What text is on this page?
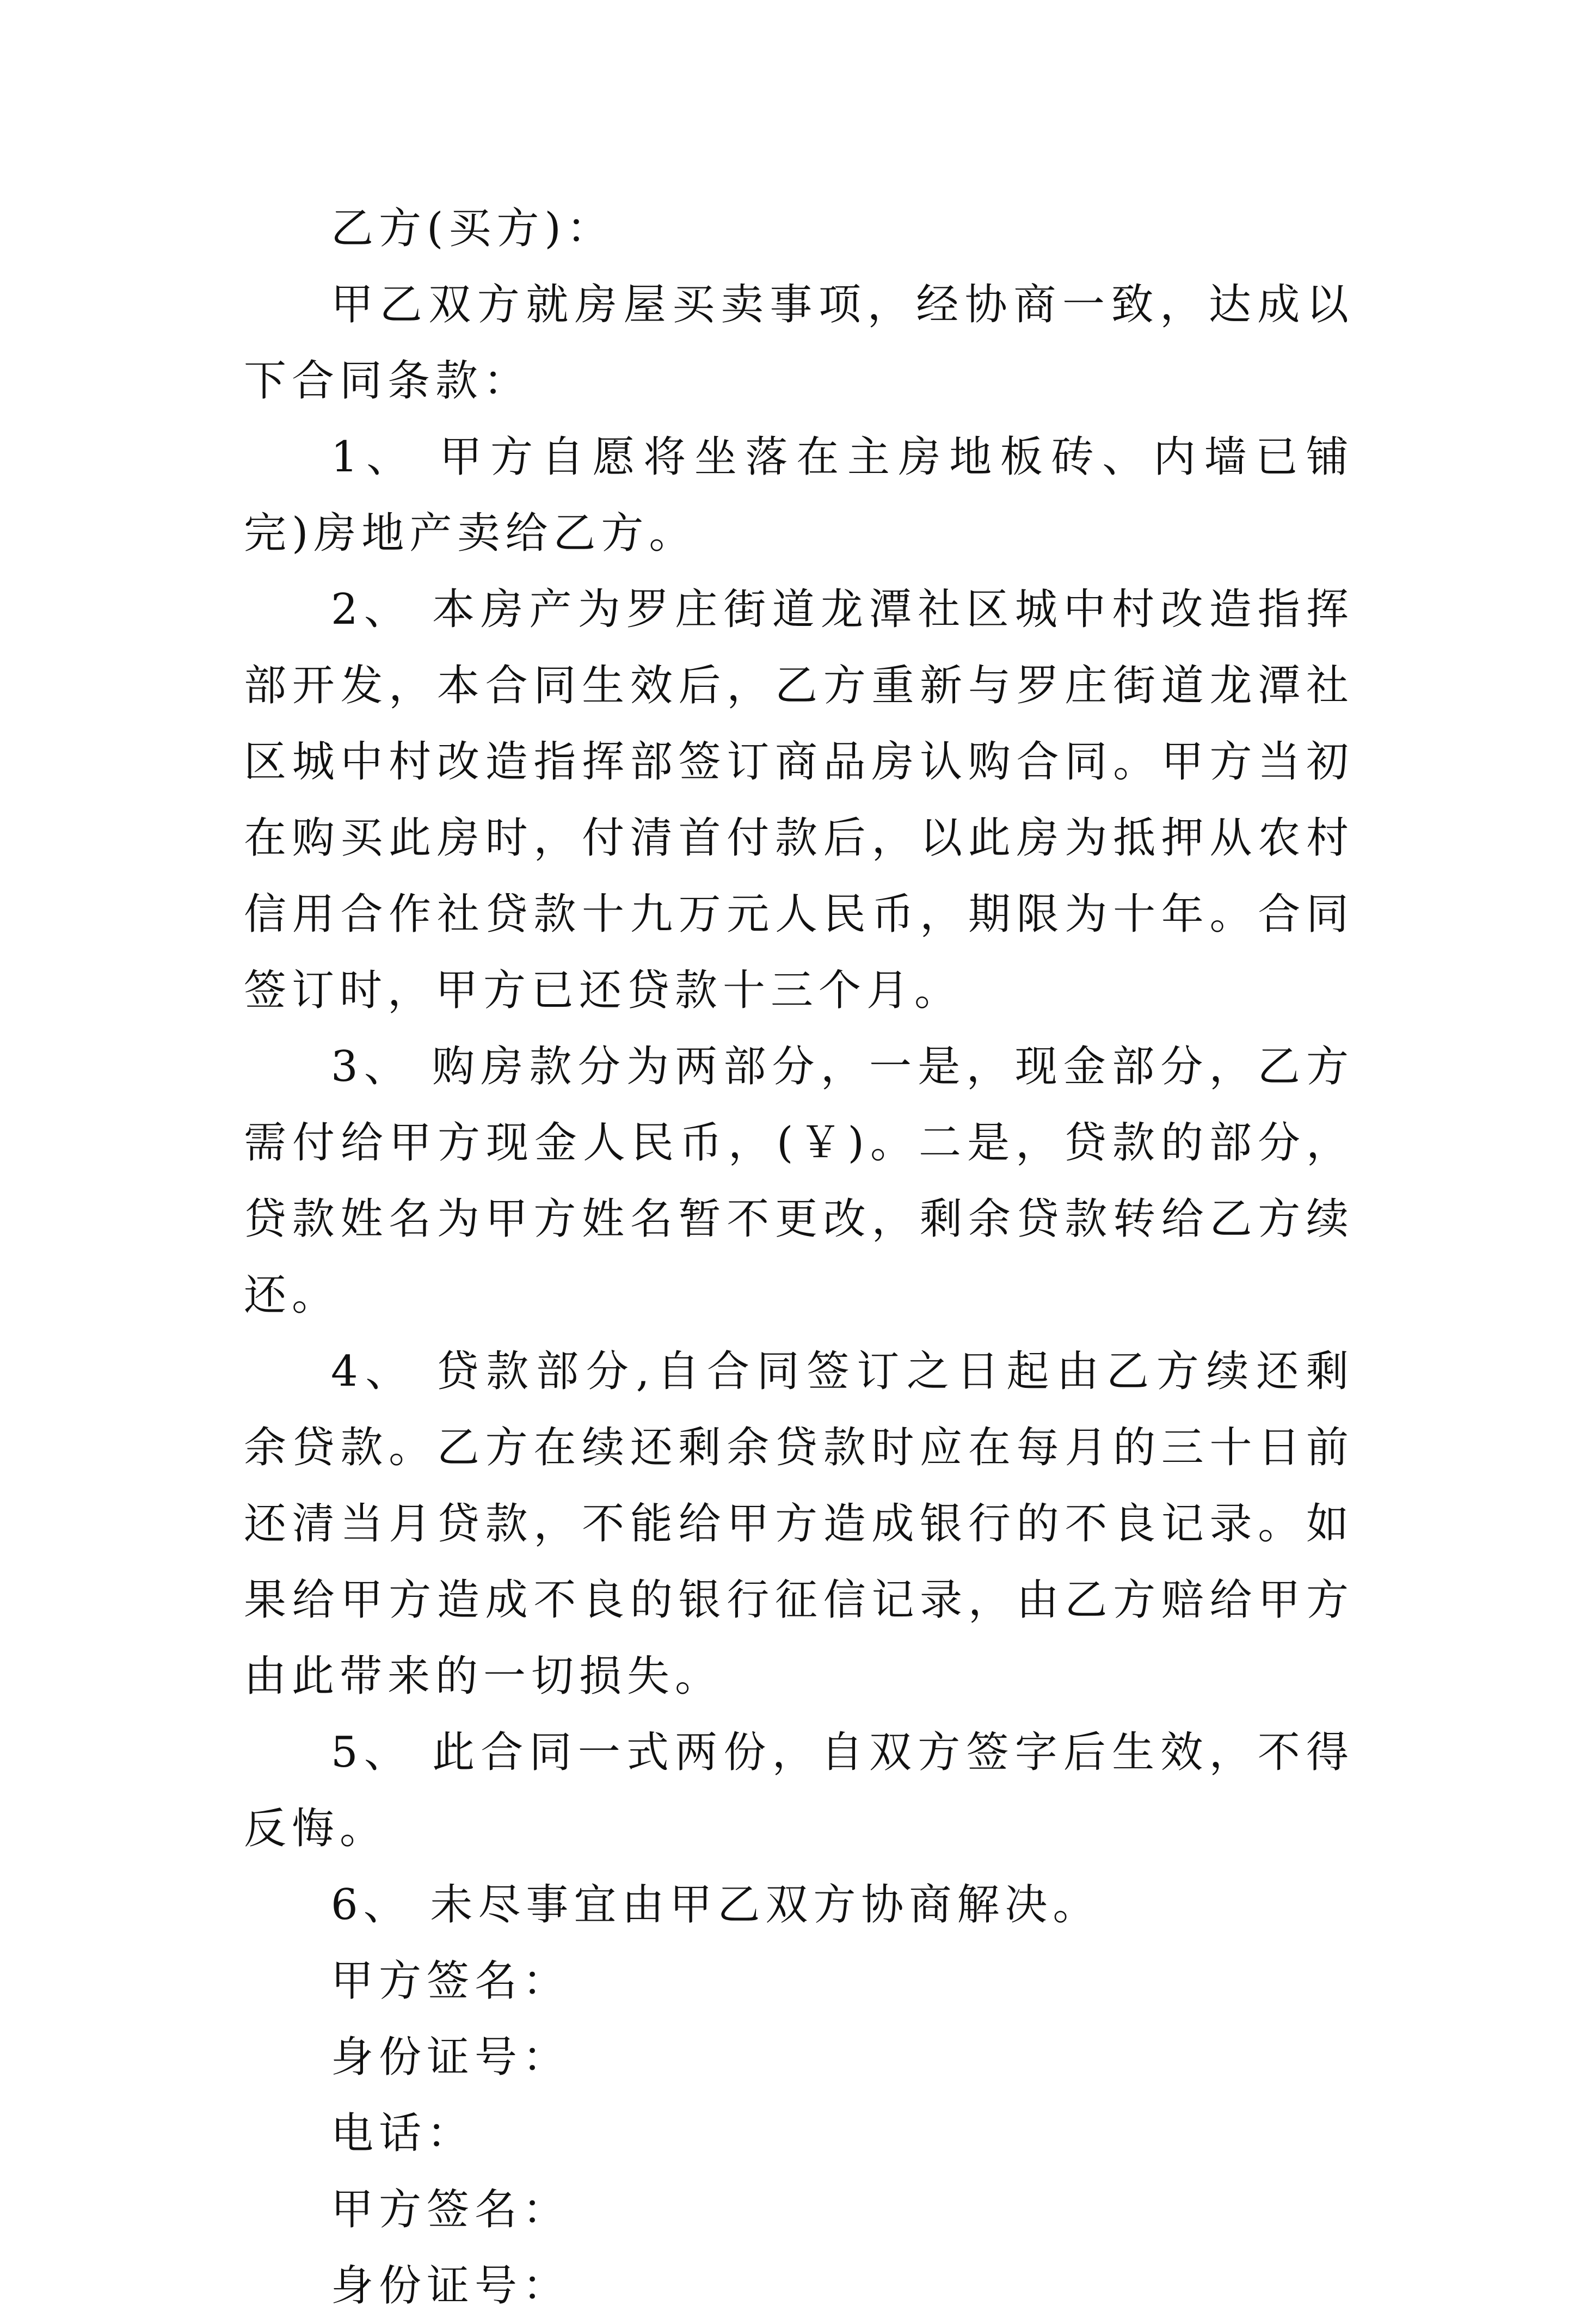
乙方(买方)：

甲乙双方就房屋买卖事项，经协商一致，达成以下合同条款：

1、 甲方自愿将坐落在主房地板砖、内墙已铺完)房地产卖给乙方。

2、 本房产为罗庄街道龙潭社区城中村改造指挥部开发，本合同生效后，乙方重新与罗庄街道龙潭社区城中村改造指挥部签订商品房认购合同。甲方当初在购买此房时，付清首付款后，以此房为抵押从农村信用合作社贷款十九万元人民币，期限为十年。合同签订时，甲方已还贷款十三个月。

3、 购房款分为两部分，一是，现金部分，乙方需付给甲方现金人民币，(￥)。二是，贷款的部分，贷款姓名为甲方姓名暂不更改，剩余贷款转给乙方续还。

4、 贷款部分,自合同签订之日起由乙方续还剩余贷款。乙方在续还剩余贷款时应在每月的三十日前还清当月贷款，不能给甲方造成银行的不良记录。如果给甲方造成不良的银行征信记录，由乙方赔给甲方由此带来的一切损失。

5、 此合同一式两份，自双方签字后生效，不得反悔。

6、 未尽事宜由甲乙双方协商解决。

甲方签名：

身份证号：

电话：

甲方签名：

身份证号：
